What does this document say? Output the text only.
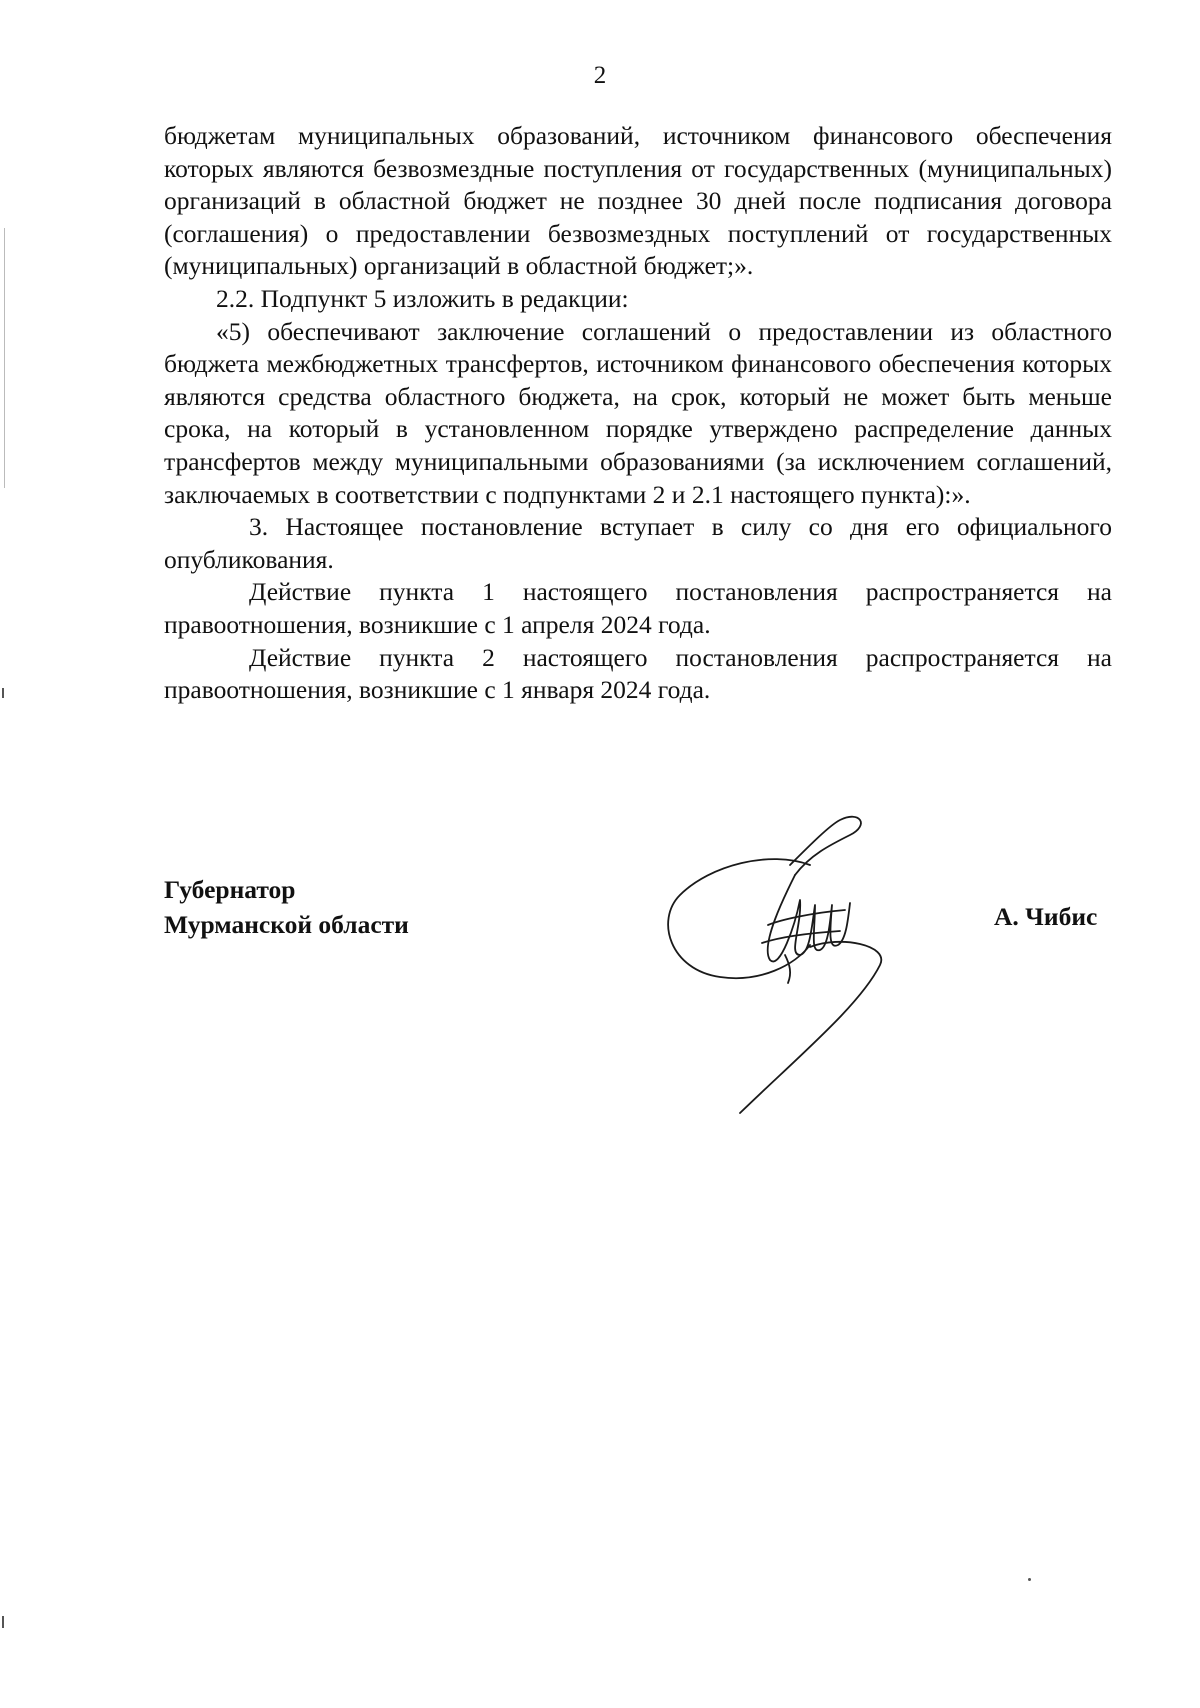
2

бюджетам муниципальных образований, источником финансового обеспечения которых являются безвозмездные поступления от государственных (муниципальных) организаций в областной бюджет не позднее 30 дней после подписания договора (соглашения) о предоставлении безвозмездных поступлений от государственных (муниципальных) организаций в областной бюджет;».

2.2. Подпункт 5 изложить в редакции:

«5) обеспечивают заключение соглашений о предоставлении из областного бюджета межбюджетных трансфертов, источником финансового обеспечения которых являются средства областного бюджета, на срок, который не может быть меньше срока, на который в установленном порядке утверждено распределение данных трансфертов между муниципальными образованиями (за исключением соглашений, заключаемых в соответствии с подпунктами 2 и 2.1 настоящего пункта):».

3. Настоящее постановление вступает в силу со дня его официального опубликования.

Действие пункта 1 настоящего постановления распространяется на правоотношения, возникшие с 1 апреля 2024 года.

Действие пункта 2 настоящего постановления распространяется на правоотношения, возникшие с 1 января 2024 года.

Губернатор
Мурманской области	А. Чибис
